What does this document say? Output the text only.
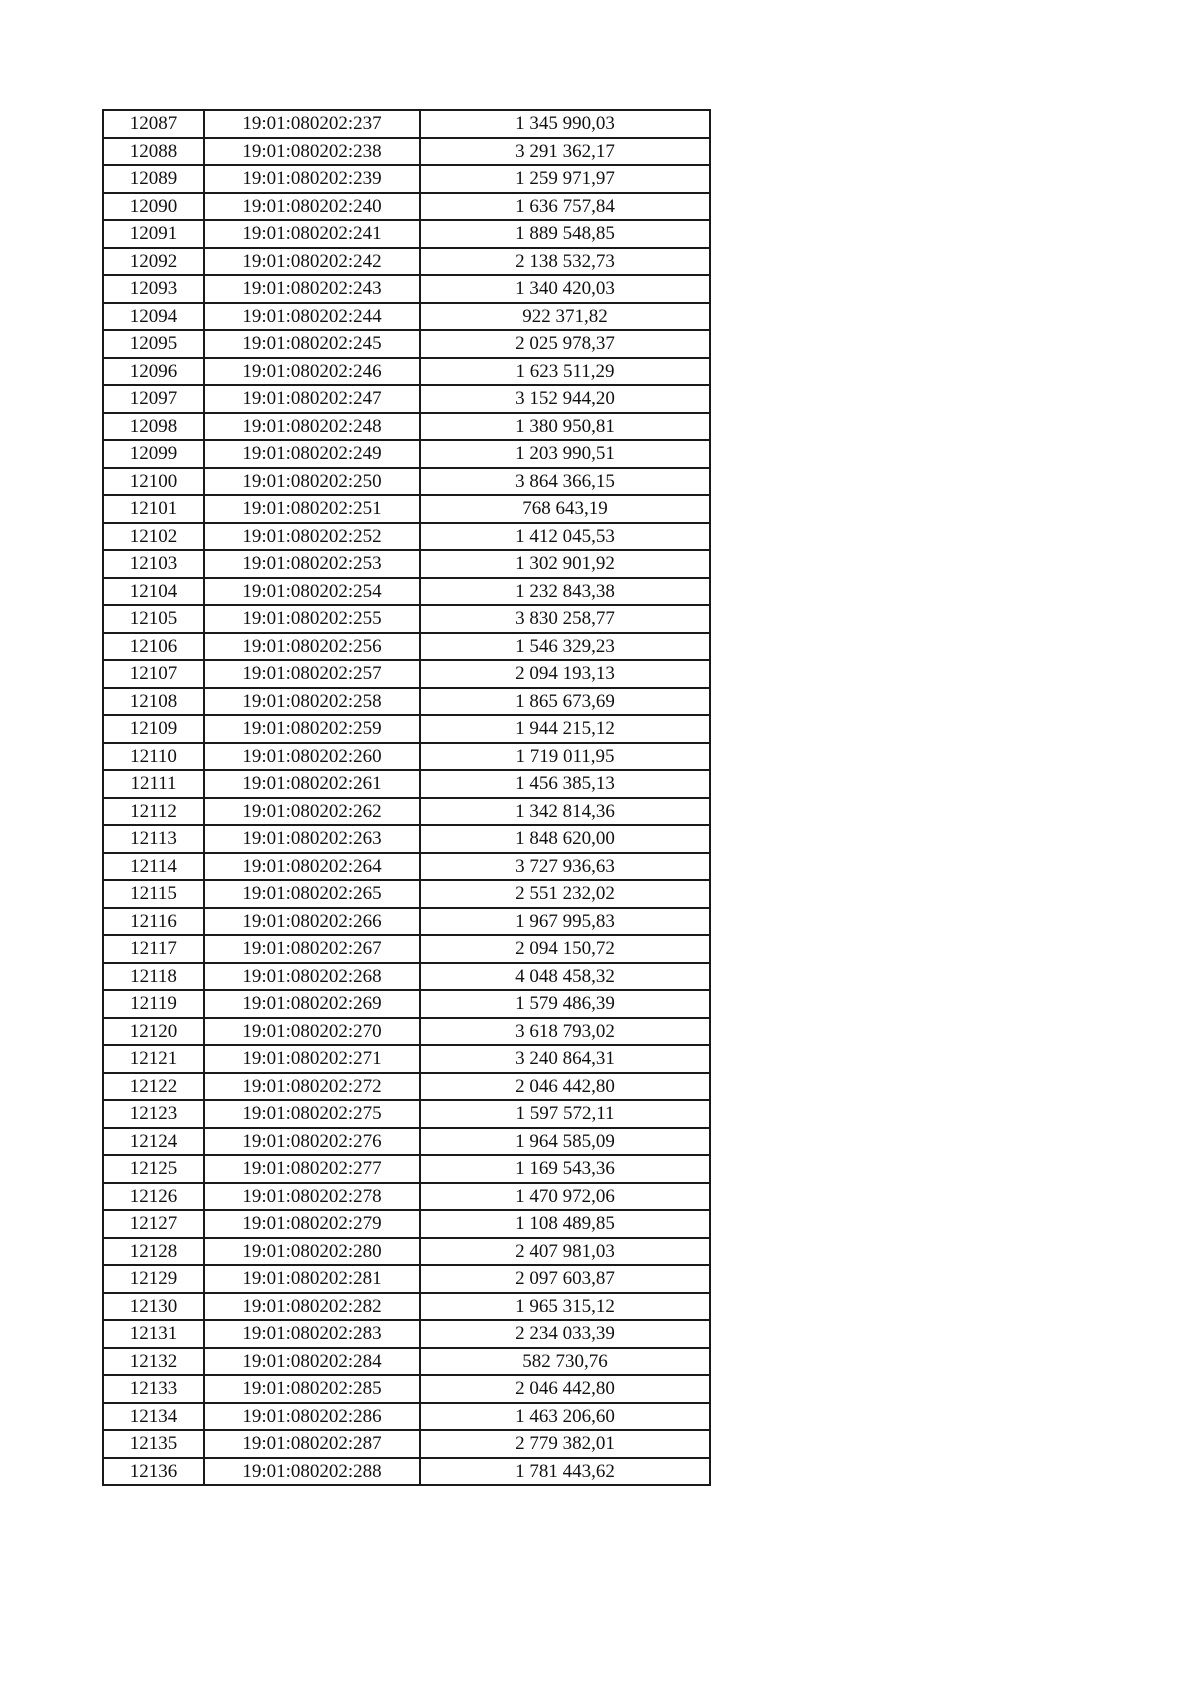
12087	19:01:080202:237	1 345 990,03
12088	19:01:080202:238	3 291 362,17
12089	19:01:080202:239	1 259 971,97
12090	19:01:080202:240	1 636 757,84
12091	19:01:080202:241	1 889 548,85
12092	19:01:080202:242	2 138 532,73
12093	19:01:080202:243	1 340 420,03
12094	19:01:080202:244	922 371,82
12095	19:01:080202:245	2 025 978,37
12096	19:01:080202:246	1 623 511,29
12097	19:01:080202:247	3 152 944,20
12098	19:01:080202:248	1 380 950,81
12099	19:01:080202:249	1 203 990,51
12100	19:01:080202:250	3 864 366,15
12101	19:01:080202:251	768 643,19
12102	19:01:080202:252	1 412 045,53
12103	19:01:080202:253	1 302 901,92
12104	19:01:080202:254	1 232 843,38
12105	19:01:080202:255	3 830 258,77
12106	19:01:080202:256	1 546 329,23
12107	19:01:080202:257	2 094 193,13
12108	19:01:080202:258	1 865 673,69
12109	19:01:080202:259	1 944 215,12
12110	19:01:080202:260	1 719 011,95
12111	19:01:080202:261	1 456 385,13
12112	19:01:080202:262	1 342 814,36
12113	19:01:080202:263	1 848 620,00
12114	19:01:080202:264	3 727 936,63
12115	19:01:080202:265	2 551 232,02
12116	19:01:080202:266	1 967 995,83
12117	19:01:080202:267	2 094 150,72
12118	19:01:080202:268	4 048 458,32
12119	19:01:080202:269	1 579 486,39
12120	19:01:080202:270	3 618 793,02
12121	19:01:080202:271	3 240 864,31
12122	19:01:080202:272	2 046 442,80
12123	19:01:080202:275	1 597 572,11
12124	19:01:080202:276	1 964 585,09
12125	19:01:080202:277	1 169 543,36
12126	19:01:080202:278	1 470 972,06
12127	19:01:080202:279	1 108 489,85
12128	19:01:080202:280	2 407 981,03
12129	19:01:080202:281	2 097 603,87
12130	19:01:080202:282	1 965 315,12
12131	19:01:080202:283	2 234 033,39
12132	19:01:080202:284	582 730,76
12133	19:01:080202:285	2 046 442,80
12134	19:01:080202:286	1 463 206,60
12135	19:01:080202:287	2 779 382,01
12136	19:01:080202:288	1 781 443,62
